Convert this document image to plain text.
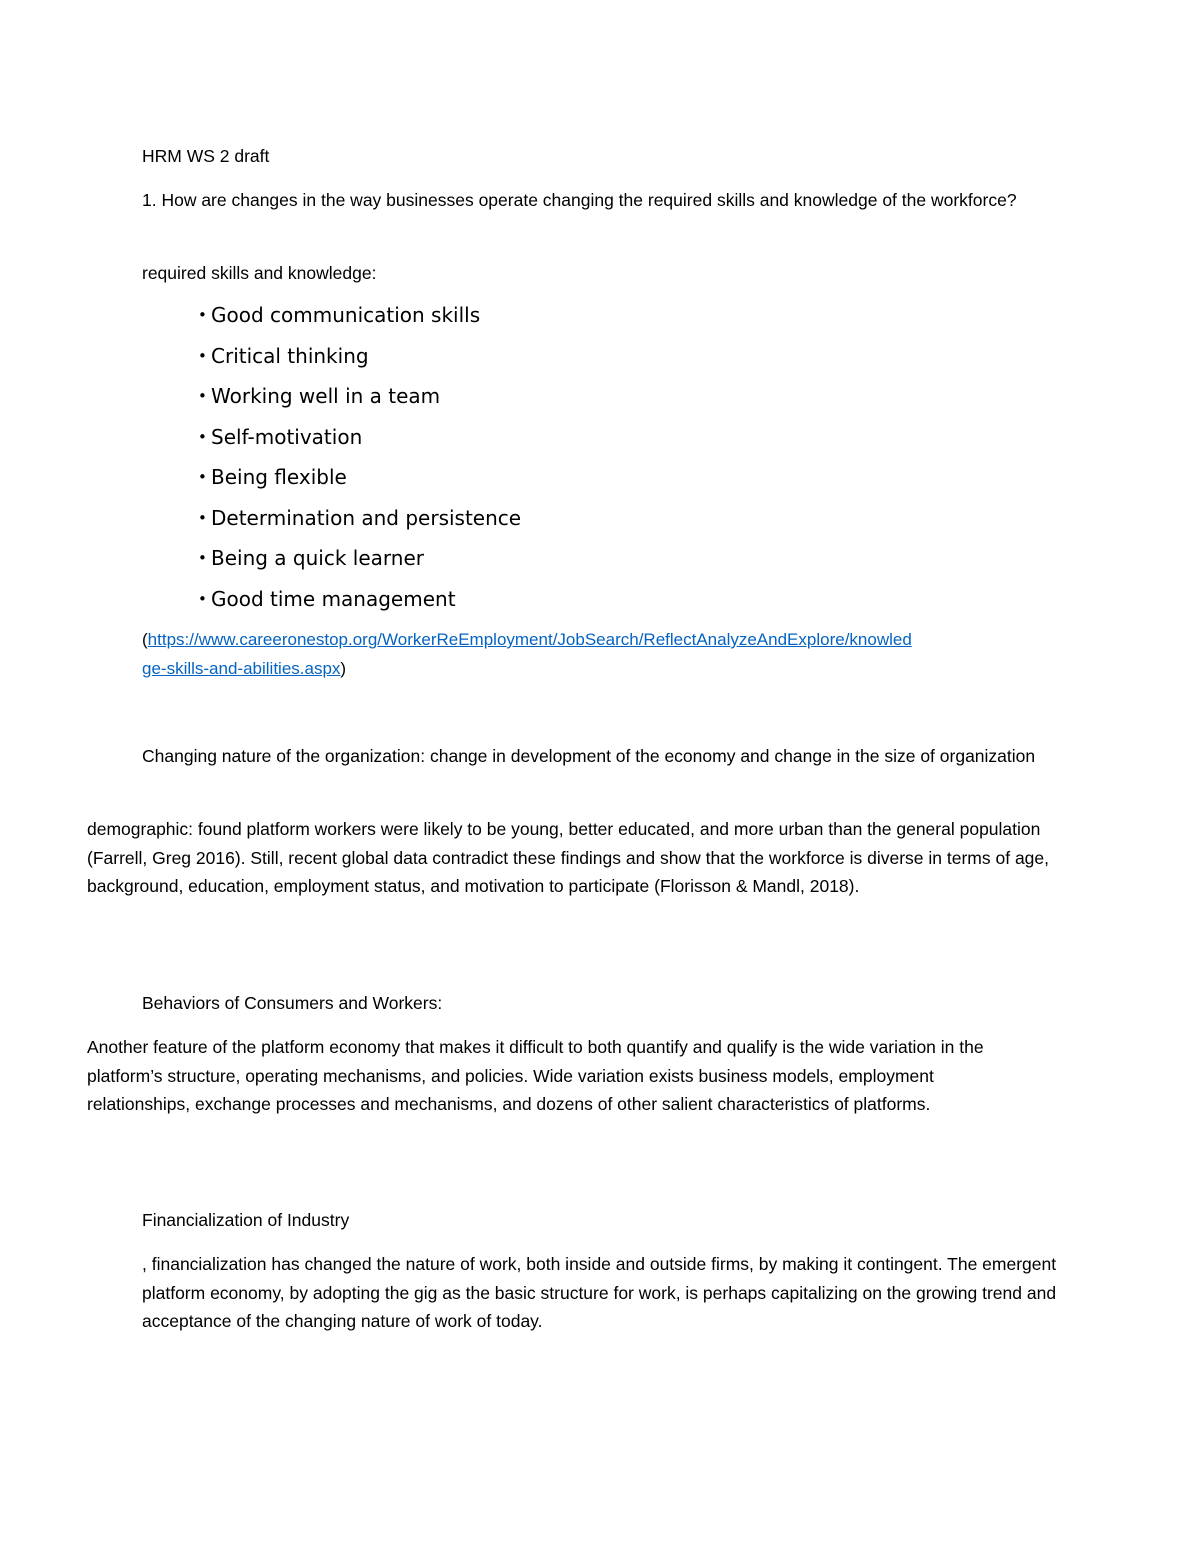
HRM WS 2 draft

1. How are changes in the way businesses operate changing the required skills and knowledge of the workforce?

required skills and knowledge:

• Good communication skills
• Critical thinking
• Working well in a team
• Self-motivation
• Being flexible
• Determination and persistence
• Being a quick learner
• Good time management

(https://www.careeronestop.org/WorkerReEmployment/JobSearch/ReflectAnalyzeAndExplore/knowled
ge-skills-and-abilities.aspx)

Changing nature of the organization: change in development of the economy and change in the size of organization

demographic: found platform workers were likely to be young, better educated, and more urban than the general population (Farrell, Greg 2016). Still, recent global data contradict these findings and show that the workforce is diverse in terms of age, background, education, employment status, and motivation to participate (Florisson & Mandl, 2018).

Behaviors of Consumers and Workers:

Another feature of the platform economy that makes it difficult to both quantify and qualify is the wide variation in the platform’s structure, operating mechanisms, and policies. Wide variation exists business models, employment relationships, exchange processes and mechanisms, and dozens of other salient characteristics of platforms.

Financialization of Industry

, financialization has changed the nature of work, both inside and outside firms, by making it contingent. The emergent platform economy, by adopting the gig as the basic structure for work, is perhaps capitalizing on the growing trend and acceptance of the changing nature of work of today.
